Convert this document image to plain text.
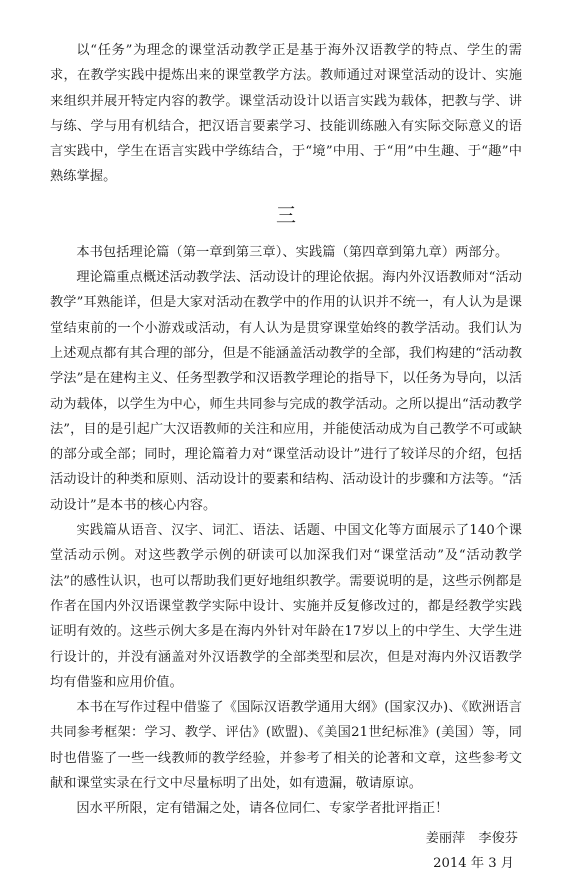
以“任务”为理念的课堂活动教学正是基于海外汉语教学的特点、学生的需求，在教学实践中提炼出来的课堂教学方法。教师通过对课堂活动的设计、实施来组织并展开特定内容的教学。课堂活动设计以语言实践为载体，把教与学、讲与练、学与用有机结合，把汉语言要素学习、技能训练融入有实际交际意义的语言实践中，学生在语言实践中学练结合，于“境”中用、于“用”中生趣、于“趣”中熟练掌握。

三

本书包括理论篇（第一章到第三章）、实践篇（第四章到第九章）两部分。

理论篇重点概述活动教学法、活动设计的理论依据。海内外汉语教师对“活动教学”耳熟能详，但是大家对活动在教学中的作用的认识并不统一，有人认为是课堂结束前的一个小游戏或活动，有人认为是贯穿课堂始终的教学活动。我们认为上述观点都有其合理的部分，但是不能涵盖活动教学的全部，我们构建的“活动教学法”是在建构主义、任务型教学和汉语教学理论的指导下，以任务为导向，以活动为载体，以学生为中心，师生共同参与完成的教学活动。之所以提出“活动教学法”，目的是引起广大汉语教师的关注和应用，并能使活动成为自己教学不可或缺的部分或全部；同时，理论篇着力对“课堂活动设计”进行了较详尽的介绍，包括活动设计的种类和原则、活动设计的要素和结构、活动设计的步骤和方法等。“活动设计”是本书的核心内容。

实践篇从语音、汉字、词汇、语法、话题、中国文化等方面展示了140个课堂活动示例。对这些教学示例的研读可以加深我们对“课堂活动”及“活动教学法”的感性认识，也可以帮助我们更好地组织教学。需要说明的是，这些示例都是作者在国内外汉语课堂教学实际中设计、实施并反复修改过的，都是经教学实践证明有效的。这些示例大多是在海内外针对年龄在17岁以上的中学生、大学生进行设计的，并没有涵盖对外汉语教学的全部类型和层次，但是对海内外汉语教学均有借鉴和应用价值。

本书在写作过程中借鉴了《国际汉语教学通用大纲》(国家汉办)、《欧洲语言共同参考框架：学习、教学、评估》(欧盟)、《美国21世纪标准》(美国）等，同时也借鉴了一些一线教师的教学经验，并参考了相关的论著和文章，这些参考文献和课堂实录在行文中尽量标明了出处，如有遗漏，敬请原谅。

因水平所限，定有错漏之处，请各位同仁、专家学者批评指正！

姜丽萍　李俊芬
2014 年 3 月
